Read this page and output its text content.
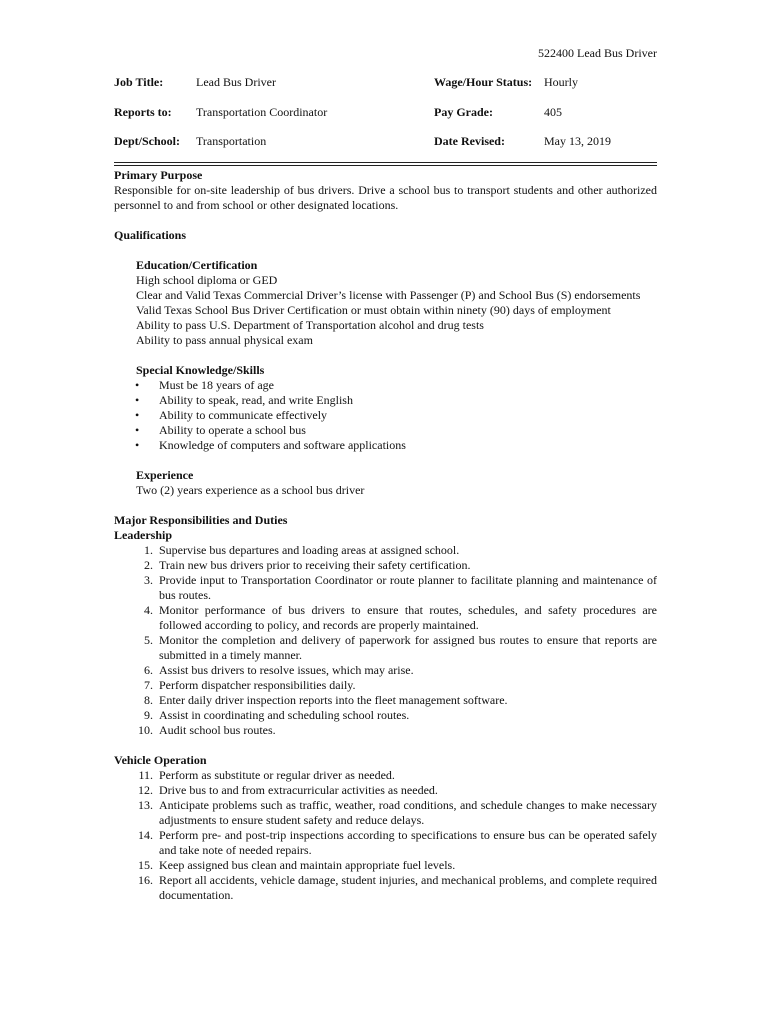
522400 Lead Bus Driver
Job Title:	Lead Bus Driver	Wage/Hour Status: Hourly
Reports to: Transportation Coordinator	Pay Grade:	405
Dept/School: Transportation	Date Revised:	May 13, 2019
Primary Purpose
Responsible for on-site leadership of bus drivers. Drive a school bus to transport students and other authorized personnel to and from school or other designated locations.
Qualifications
Education/Certification
High school diploma or GED
Clear and Valid Texas Commercial Driver’s license with Passenger (P) and School Bus (S) endorsements
Valid Texas School Bus Driver Certification or must obtain within ninety (90) days of employment
Ability to pass U.S. Department of Transportation alcohol and drug tests
Ability to pass annual physical exam
Special Knowledge/Skills
• Must be 18 years of age
• Ability to speak, read, and write English
• Ability to communicate effectively
• Ability to operate a school bus
• Knowledge of computers and software applications
Experience
Two (2) years experience as a school bus driver
Major Responsibilities and Duties
Leadership
1. Supervise bus departures and loading areas at assigned school.
2. Train new bus drivers prior to receiving their safety certification.
3. Provide input to Transportation Coordinator or route planner to facilitate planning and maintenance of bus routes.
4. Monitor performance of bus drivers to ensure that routes, schedules, and safety procedures are followed according to policy, and records are properly maintained.
5. Monitor the completion and delivery of paperwork for assigned bus routes to ensure that reports are submitted in a timely manner.
6. Assist bus drivers to resolve issues, which may arise.
7. Perform dispatcher responsibilities daily.
8. Enter daily driver inspection reports into the fleet management software.
9. Assist in coordinating and scheduling school routes.
10. Audit school bus routes.
Vehicle Operation
11. Perform as substitute or regular driver as needed.
12. Drive bus to and from extracurricular activities as needed.
13. Anticipate problems such as traffic, weather, road conditions, and schedule changes to make necessary adjustments to ensure student safety and reduce delays.
14. Perform pre- and post-trip inspections according to specifications to ensure bus can be operated safely and take note of needed repairs.
15. Keep assigned bus clean and maintain appropriate fuel levels.
16. Report all accidents, vehicle damage, student injuries, and mechanical problems, and complete required documentation.
